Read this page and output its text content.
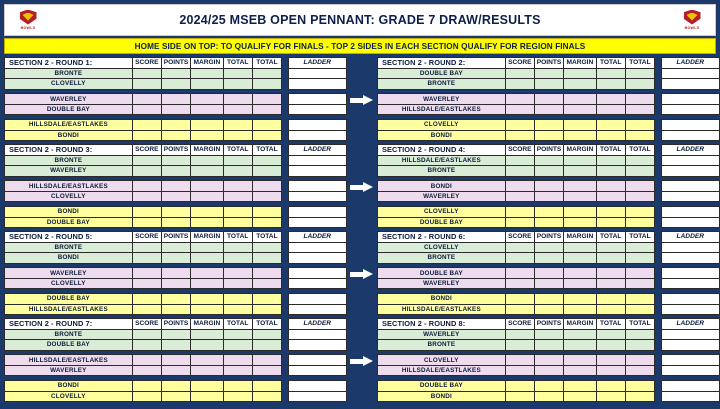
BOWLS
2024/25 MSEB OPEN PENNANT: GRADE 7 DRAW/RESULTS
BOWLS
HOME SIDE ON TOP: TO QUALIFY FOR FINALS - TOP 2 SIDES IN EACH SECTION QUALIFY FOR REGION FINALS
SECTION 2 - ROUND 1:	SCORE	POINTS	MARGIN	TOTAL	TOTAL		LADDER
BRONTE							
CLOVELLY							

WAVERLEY							
DOUBLE BAY							

HILLSDALE/EASTLAKES							
BONDI							
SECTION 2 - ROUND 2:	SCORE	POINTS	MARGIN	TOTAL	TOTAL		LADDER
DOUBLE BAY							
BRONTE							

WAVERLEY							
HILLSDALE/EASTLAKES							

CLOVELLY							
BONDI							
SECTION 2 - ROUND 3:	SCORE	POINTS	MARGIN	TOTAL	TOTAL		LADDER
BRONTE							
WAVERLEY							

HILLSDALE/EASTLAKES							
CLOVELLY							

BONDI							
DOUBLE BAY							
SECTION 2 - ROUND 4:	SCORE	POINTS	MARGIN	TOTAL	TOTAL		LADDER
HILLSDALE/EASTLAKES							
BRONTE							

BONDI							
WAVERLEY							

CLOVELLY							
DOUBLE BAY							
SECTION 2 - ROUND 5:	SCORE	POINTS	MARGIN	TOTAL	TOTAL		LADDER
BRONTE							
BONDI							

WAVERLEY							
CLOVELLY							

DOUBLE BAY							
HILLSDALE/EASTLAKES							
SECTION 2 - ROUND 6:	SCORE	POINTS	MARGIN	TOTAL	TOTAL		LADDER
CLOVELLY							
BRONTE							

DOUBLE BAY							
WAVERLEY							

BONDI							
HILLSDALE/EASTLAKES							
SECTION 2 - ROUND 7:	SCORE	POINTS	MARGIN	TOTAL	TOTAL		LADDER
BRONTE							
DOUBLE BAY							

HILLSDALE/EASTLAKES							
WAVERLEY							

BONDI							
CLOVELLY							
SECTION 2 - ROUND 8:	SCORE	POINTS	MARGIN	TOTAL	TOTAL		LADDER
WAVERLEY							
BRONTE							

CLOVELLY							
HILLSDALE/EASTLAKES							

DOUBLE BAY							
BONDI							
